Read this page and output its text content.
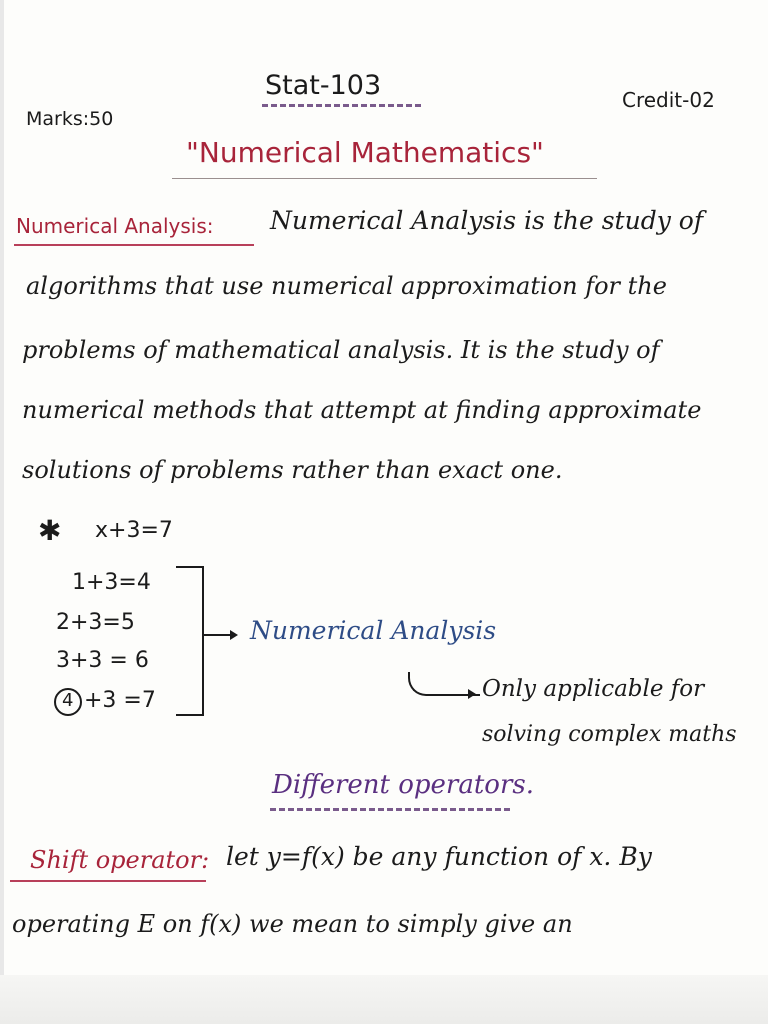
Stat-103
Marks:50
Credit-02
"Numerical Mathematics"
Numerical Analysis: Numerical Analysis is the study of
algorithms that use numerical approximation for the
problems of mathematical analysis. It is the study of
numerical methods that attempt at finding approximate
solutions of problems rather than exact one.
✱ x+3=7
1+3=4
2+3=5
3+3 = 6
4 +3 =7
Numerical Analysis
Only applicable for
solving complex maths
Different operators.
Shift operator: let y=f(x) be any function of x. By
operating E on f(x) we mean to simply give an
